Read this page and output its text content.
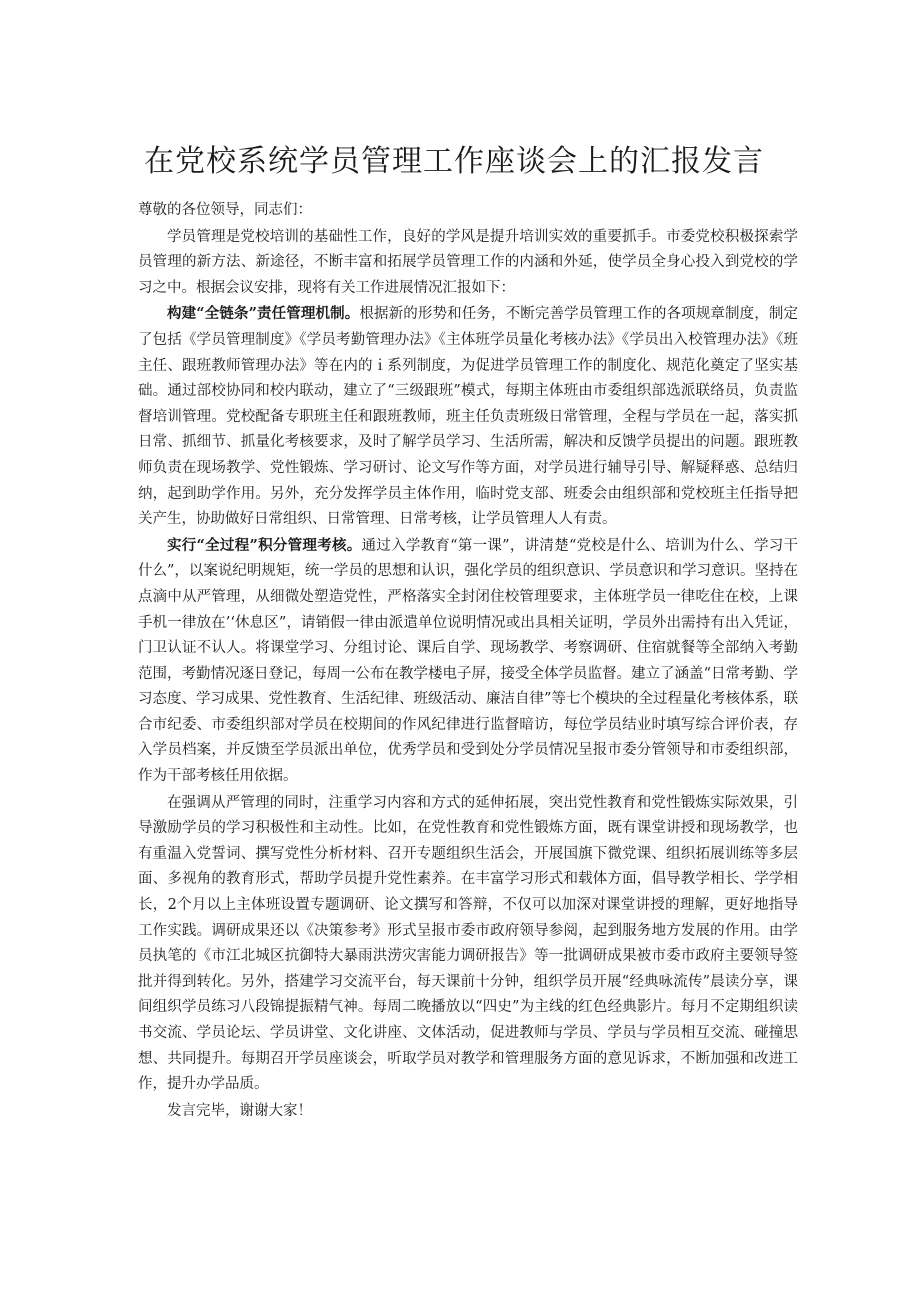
在党校系统学员管理工作座谈会上的汇报发言

尊敬的各位领导，同志们：

学员管理是党校培训的基础性工作，良好的学风是提升培训实效的重要抓手。市委党校积极探索学员管理的新方法、新途径，不断丰富和拓展学员管理工作的内涵和外延，使学员全身心投入到党校的学习之中。根据会议安排，现将有关工作进展情况汇报如下：

构建“全链条”责任管理机制。根据新的形势和任务，不断完善学员管理工作的各项规章制度，制定了包括《学员管理制度》《学员考勤管理办法》《主体班学员量化考核办法》《学员出入校管理办法》《班主任、跟班教师管理办法》等在内的ｉ系列制度，为促进学员管理工作的制度化、规范化奠定了坚实基础。通过部校协同和校内联动，建立了“三级跟班”模式，每期主体班由市委组织部选派联络员，负责监督培训管理。党校配备专职班主任和跟班教师，班主任负责班级日常管理，全程与学员在一起，落实抓日常、抓细节、抓量化考核要求，及时了解学员学习、生活所需，解决和反馈学员提出的问题。跟班教师负责在现场教学、党性锻炼、学习研讨、论文写作等方面，对学员进行辅导引导、解疑释惑、总结归纳，起到助学作用。另外，充分发挥学员主体作用，临时党支部、班委会由组织部和党校班主任指导把关产生，协助做好日常组织、日常管理、日常考核，让学员管理人人有责。

实行“全过程”积分管理考核。通过入学教育“第一课”，讲清楚“党校是什么、培训为什么、学习干什么”，以案说纪明规矩，统一学员的思想和认识，强化学员的组织意识、学员意识和学习意识。坚持在点滴中从严管理，从细微处塑造党性，严格落实全封闭住校管理要求，主体班学员一律吃住在校，上课手机一律放在’‘休息区”，请销假一律由派遣单位说明情况或出具相关证明，学员外出需持有出入凭证，门卫认证不认人。将课堂学习、分组讨论、课后自学、现场教学、考察调研、住宿就餐等全部纳入考勤范围，考勤情况逐日登记，每周一公布在教学楼电子屏，接受全体学员监督。建立了涵盖“日常考勤、学习态度、学习成果、党性教育、生活纪律、班级活动、廉洁自律”等七个模块的全过程量化考核体系，联合市纪委、市委组织部对学员在校期间的作风纪律进行监督暗访，每位学员结业时填写综合评价表，存入学员档案，并反馈至学员派出单位，优秀学员和受到处分学员情况呈报市委分管领导和市委组织部，作为干部考核任用依据。

在强调从严管理的同时，注重学习内容和方式的延伸拓展，突出党性教育和党性锻炼实际效果，引导激励学员的学习积极性和主动性。比如，在党性教育和党性锻炼方面，既有课堂讲授和现场教学，也有重温入党誓词、撰写党性分析材料、召开专题组织生活会，开展国旗下微党课、组织拓展训练等多层面、多视角的教育形式，帮助学员提升党性素养。在丰富学习形式和载体方面，倡导教学相长、学学相长，2个月以上主体班设置专题调研、论文撰写和答辩，不仅可以加深对课堂讲授的理解，更好地指导工作实践。调研成果还以《决策参考》形式呈报市委市政府领导参阅，起到服务地方发展的作用。由学员执笔的《市江北城区抗御特大暴雨洪涝灾害能力调研报告》等一批调研成果被市委市政府主要领导签批并得到转化。另外，搭建学习交流平台，每天课前十分钟，组织学员开展“经典咏流传”晨读分享，课间组织学员练习八段锦提振精气神。每周二晚播放以“四史”为主线的红色经典影片。每月不定期组织读书交流、学员论坛、学员讲堂、文化讲座、文体活动，促进教师与学员、学员与学员相互交流、碰撞思想、共同提升。每期召开学员座谈会，听取学员对教学和管理服务方面的意见诉求，不断加强和改进工作，提升办学品质。

发言完毕，谢谢大家！
